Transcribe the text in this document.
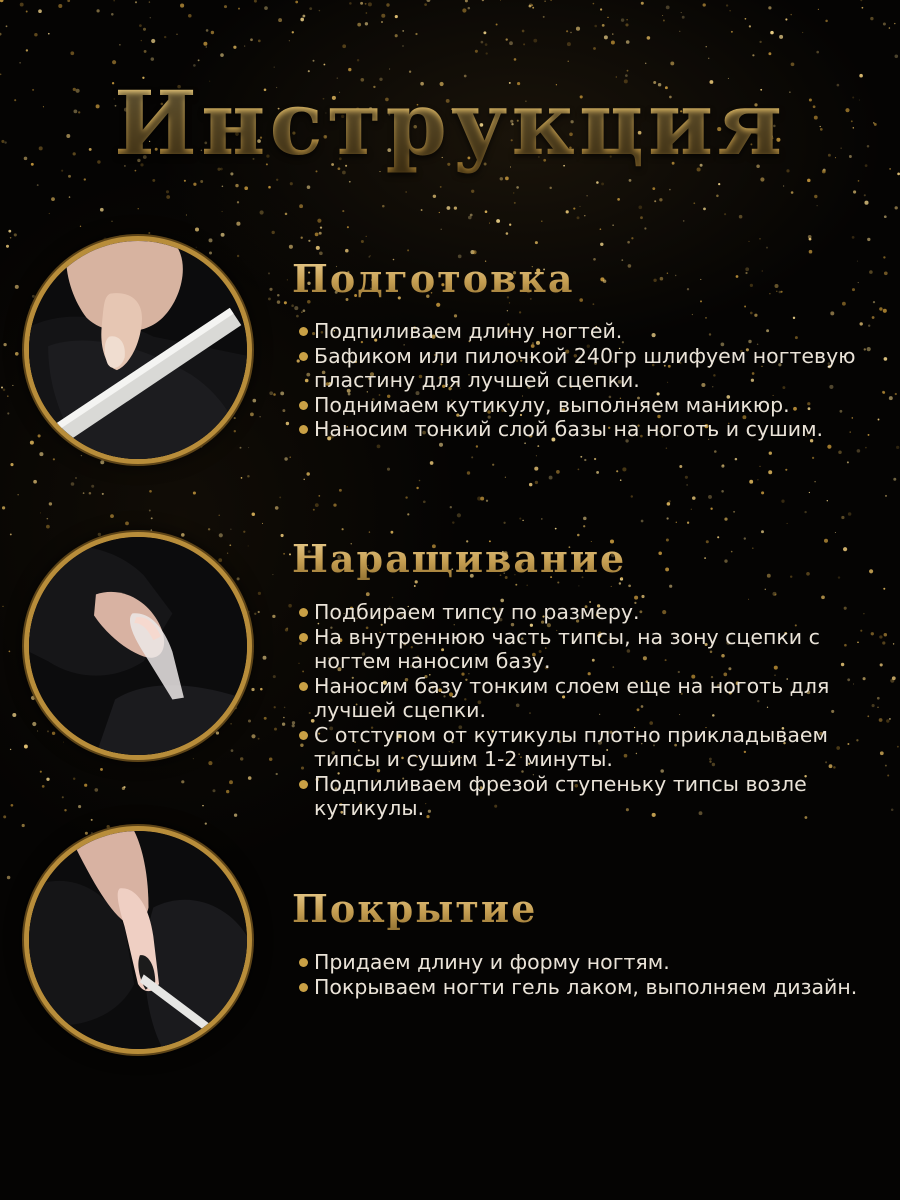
Инструкция
Подготовка
Подпиливаем длину ногтей.
Бафиком или пилочкой 240гр шлифуем ногтевую пластину для лучшей сцепки.
Поднимаем кутикулу, выполняем маникюр.
Наносим тонкий слой базы на ноготь и сушим.
Наращивание
Подбираем типсу по размеру.
На внутреннюю часть типсы, на зону сцепки с ногтем наносим базу.
Наносим базу тонким слоем еще на ноготь для лучшей сцепки.
С отступом от кутикулы плотно прикладываем типсы и сушим 1-2 минуты.
Подпиливаем фрезой ступеньку типсы возле кутикулы.
Покрытие
Придаем длину и форму ногтям.
Покрываем ногти гель лаком, выполняем дизайн.
